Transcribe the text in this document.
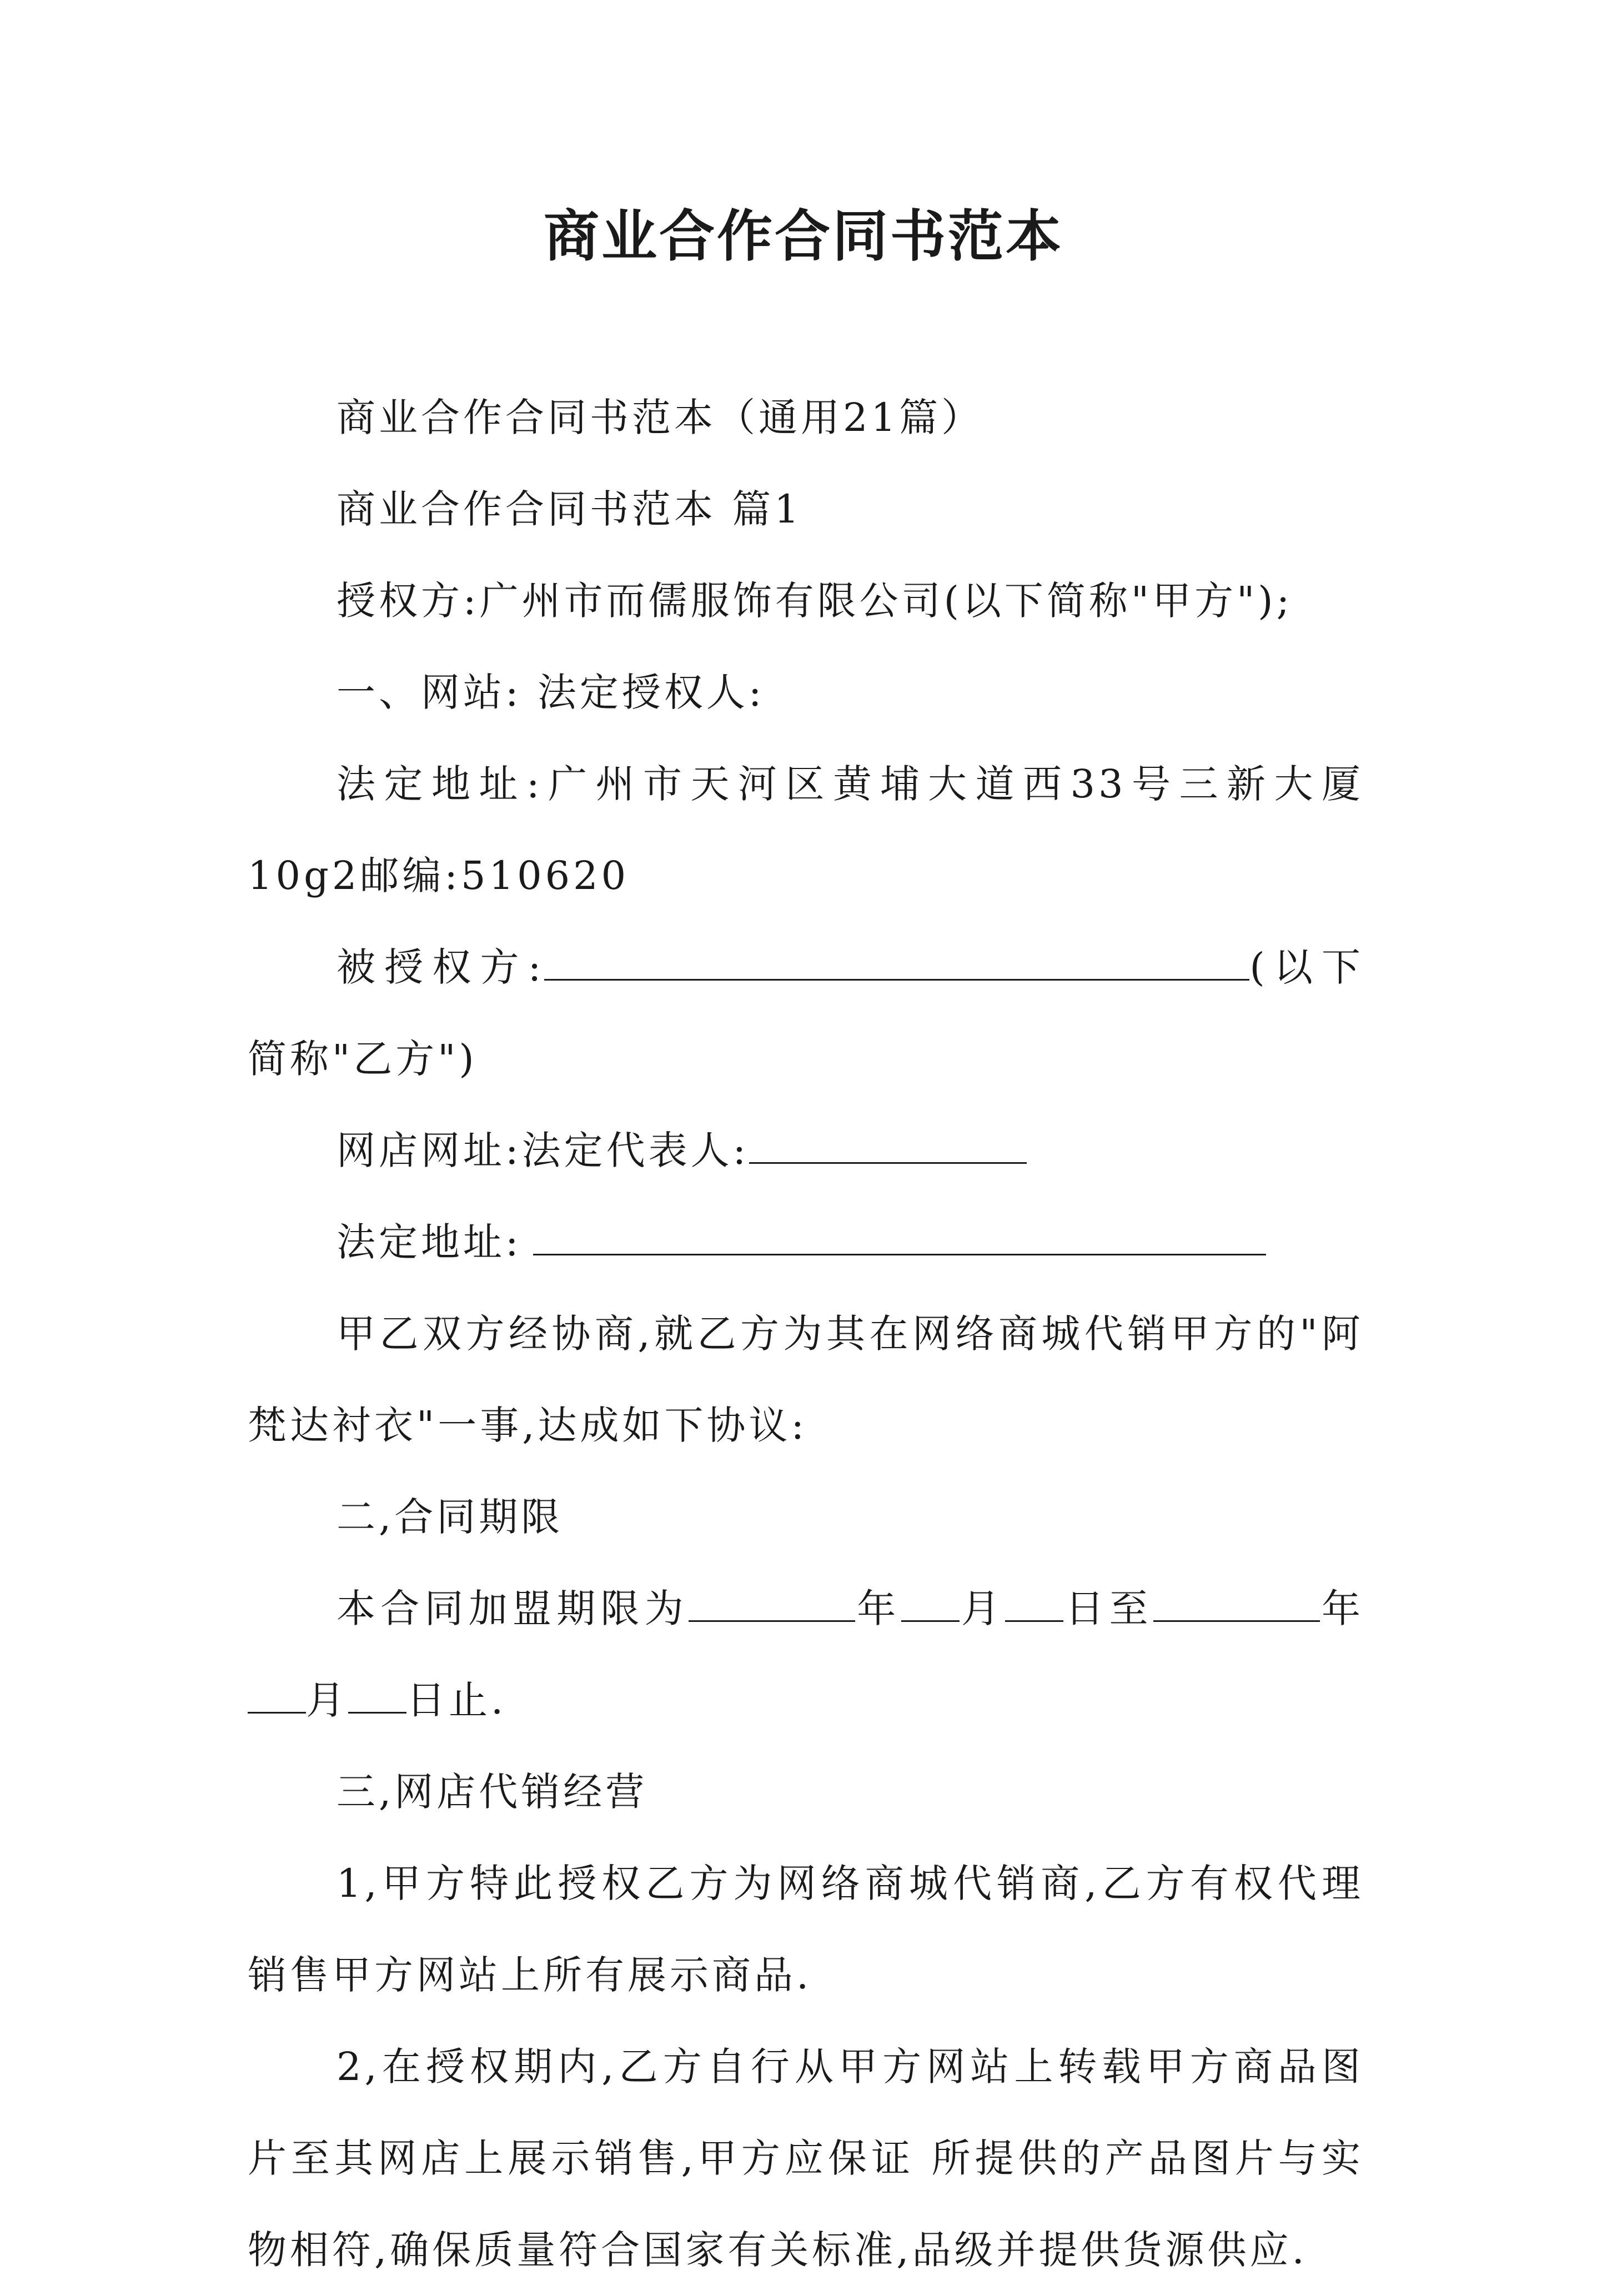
商业合作合同书范本

商业合作合同书范本（通用21篇）

商业合作合同书范本 篇1

授权方:广州市而儒服饰有限公司(以下简称"甲方");

一、网站: 法定授权人:

法定地址:广州市天河区黄埔大道西33号三新大厦10g2邮编:510620

被授权方:	(以下简称"乙方")

网店网址:法定代表人:

法定地址:

甲乙双方经协商,就乙方为其在网络商城代销甲方的"阿梵达衬衣"一事,达成如下协议:

二,合同期限

本合同加盟期限为	年 月 日至	年月 日止.

三,网店代销经营

1,甲方特此授权乙方为网络商城代销商,乙方有权代理销售甲方网站上所有展示商品.

2,在授权期内,乙方自行从甲方网站上转载甲方商品图片至其网店上展示销售,甲方应保证 所提供的产品图片与实物相符,确保质量符合国家有关标准,品级并提供货源供应.
